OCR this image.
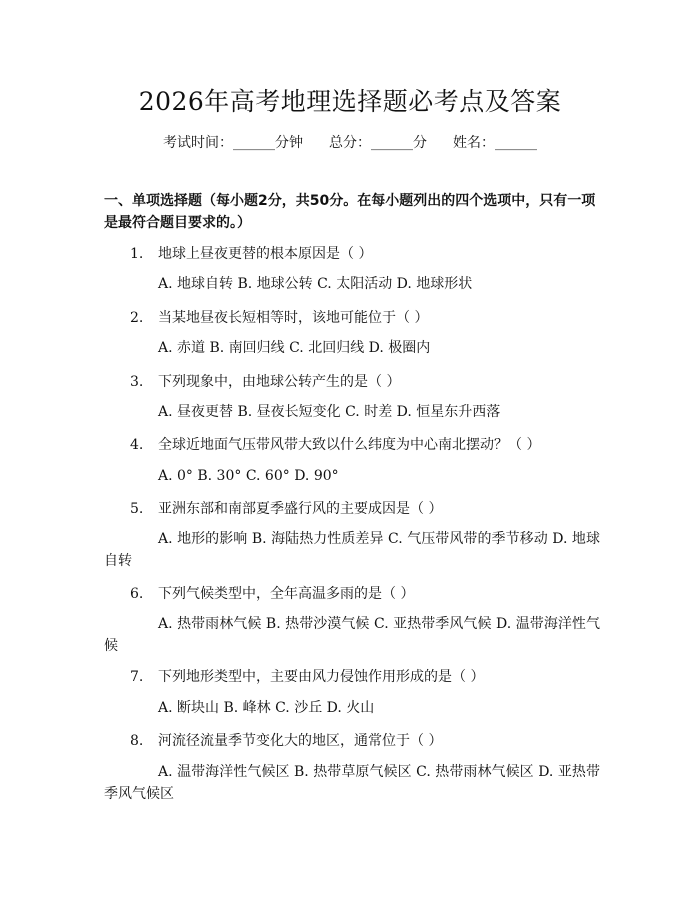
2026年高考地理选择题必考点及答案
考试时间：______分钟 总分：______分 姓名：______
一、单项选择题（每小题2分，共50分。在每小题列出的四个选项中，只有一项是最符合题目要求的。）
1. 地球上昼夜更替的根本原因是（ ）
A. 地球自转 B. 地球公转 C. 太阳活动 D. 地球形状
2. 当某地昼夜长短相等时，该地可能位于（ ）
A. 赤道 B. 南回归线 C. 北回归线 D. 极圈内
3. 下列现象中，由地球公转产生的是（ ）
A. 昼夜更替 B. 昼夜长短变化 C. 时差 D. 恒星东升西落
4. 全球近地面气压带风带大致以什么纬度为中心南北摆动？（ ）
A. 0° B. 30° C. 60° D. 90°
5. 亚洲东部和南部夏季盛行风的主要成因是（ ）
A. 地形的影响 B. 海陆热力性质差异 C. 气压带风带的季节移动 D. 地球自转
6. 下列气候类型中，全年高温多雨的是（ ）
A. 热带雨林气候 B. 热带沙漠气候 C. 亚热带季风气候 D. 温带海洋性气候
7. 下列地形类型中，主要由风力侵蚀作用形成的是（ ）
A. 断块山 B. 峰林 C. 沙丘 D. 火山
8. 河流径流量季节变化大的地区，通常位于（ ）
A. 温带海洋性气候区 B. 热带草原气候区 C. 热带雨林气候区 D. 亚热带季风气候区
